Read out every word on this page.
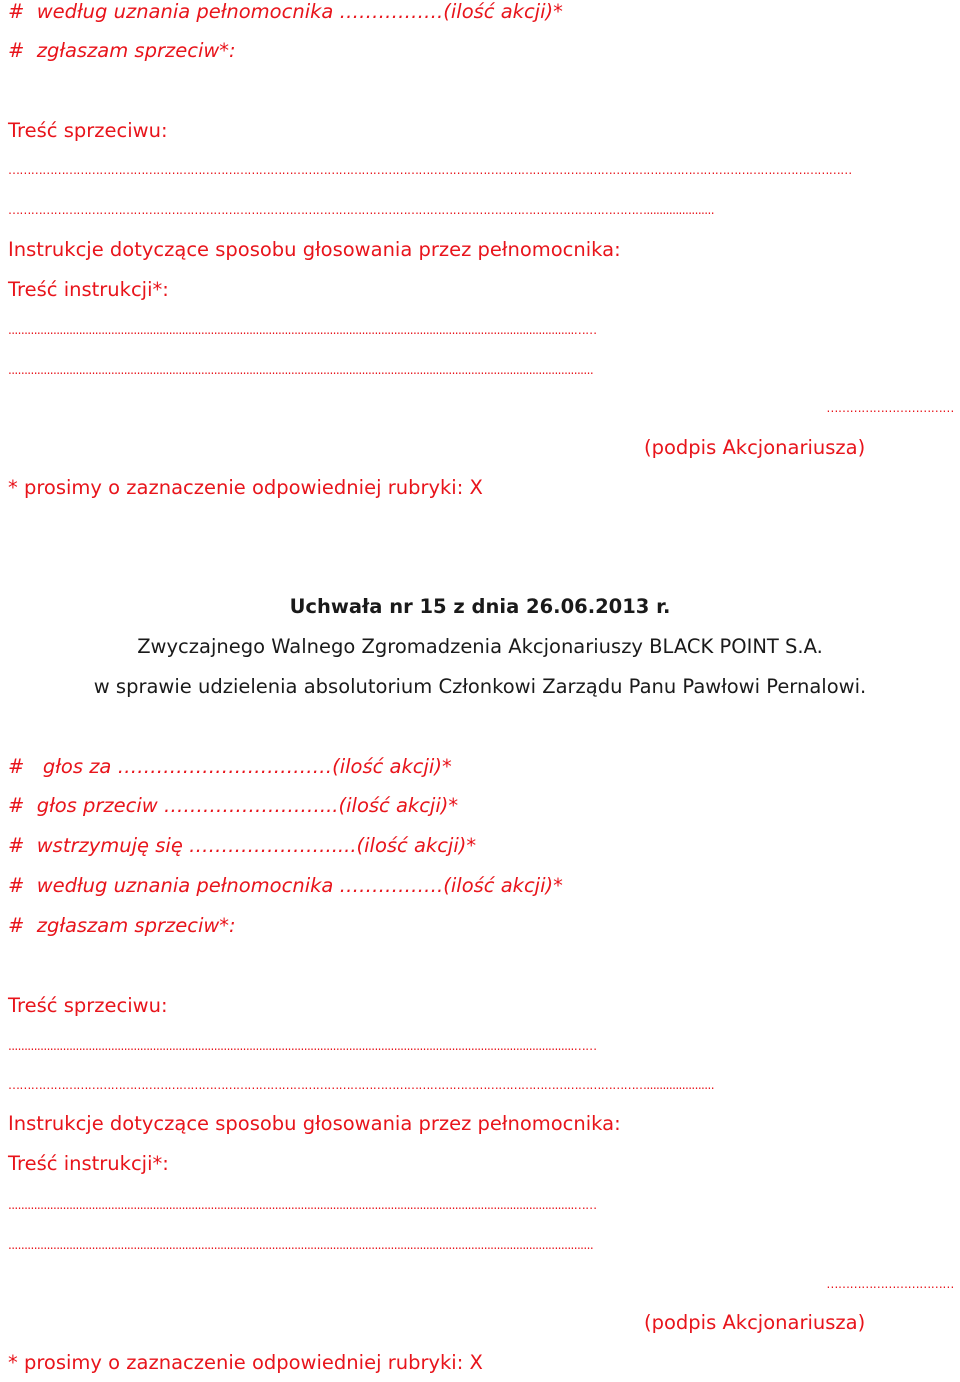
#  według uznania pełnomocnika …………….(ilość akcji)*

#  zgłaszam sprzeciw*:

Treść sprzeciwu:

……………………………………………………………………………………………………………………………………………………………………………………………………

…………………………………………………………………………………………………………………………………………………….....................

Instrukcje dotyczące sposobu głosowania przez pełnomocnika:

Treść instrukcji*:

................................................................................................................................................................................……

......................................................................................................................................................................................

……………………………

(podpis Akcjonariusza)

* prosimy o zaznaczenie odpowiedniej rubryki: X

Uchwała nr 15 z dnia 26.06.2013 r.

Zwyczajnego Walnego Zgromadzenia Akcjonariuszy BLACK POINT S.A.

w sprawie udzielenia absolutorium Członkowi Zarządu Panu Pawłowi Pernalowi.

#   głos za ……………………………(ilość akcji)*

#  głos przeciw ……………………...(ilość akcji)*

#  wstrzymuję się ………………….....(ilość akcji)*

#  według uznania pełnomocnika …………….(ilość akcji)*

#  zgłaszam sprzeciw*:

Treść sprzeciwu:

................................................................................................................................................................................……

…………………………………………………………………………………………………………………………………………………….....................

Instrukcje dotyczące sposobu głosowania przez pełnomocnika:

Treść instrukcji*:

................................................................................................................................................................................……

......................................................................................................................................................................................

……………………………

(podpis Akcjonariusza)

* prosimy o zaznaczenie odpowiedniej rubryki: X
